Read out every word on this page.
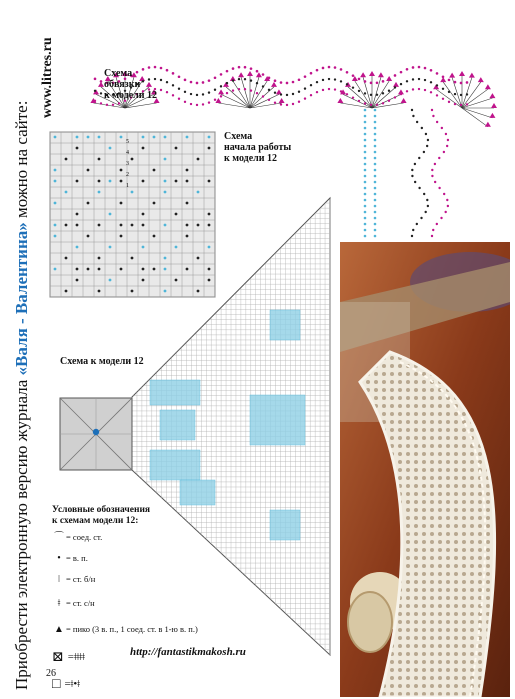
Приобрести электронную версию журнала «Валя - Валентина» можно на сайте:
www.litres.ru
5
4
3
2
1
Схема
обвязки
к модели 12
Схема
начала работы
к модели 12
Схема к модели 12
Условные обозначения
к схемам модели 12:
⌒ = соед. ст.
• = в. п.
ǀ = ст. б/н
ǂ = ст. с/н
▲ = пико (3 в. п., 1 соед. ст. в 1-ю в. п.)
⊠ =ǂǂǂǂ
□ =ǂ•ǂ
http://fantastikmakosh.ru
26
